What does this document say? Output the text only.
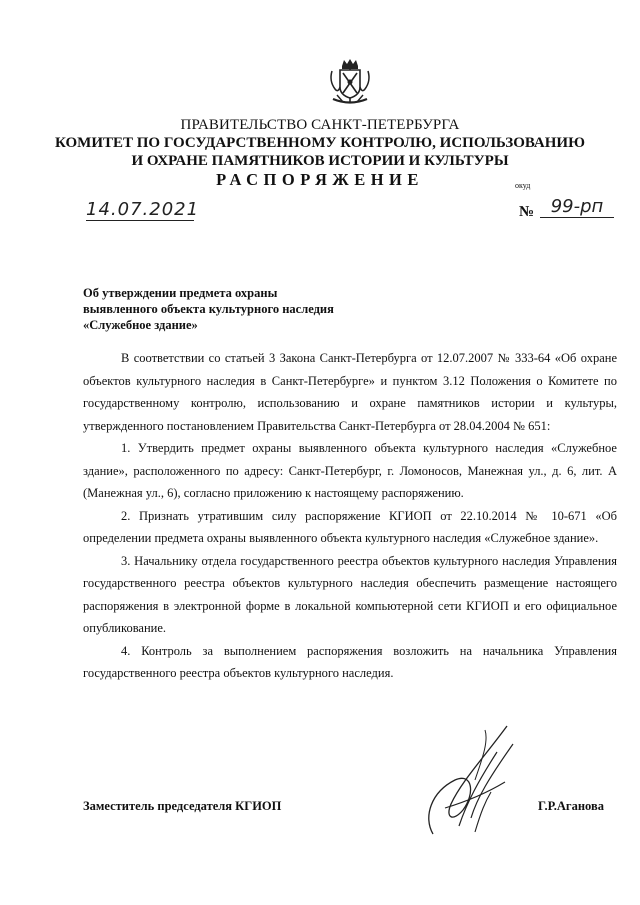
ПРАВИТЕЛЬСТВО САНКТ-ПЕТЕРБУРГА
КОМИТЕТ ПО ГОСУДАРСТВЕННОМУ КОНТРОЛЮ, ИСПОЛЬЗОВАНИЮ
И ОХРАНЕ ПАМЯТНИКОВ ИСТОРИИ И КУЛЬТУРЫ
РАСПОРЯЖЕНИЕ	окуд
14.07.2021	№ 99-рп
Об утверждении предмета охраны
выявленного объекта культурного наследия
«Служебное здание»

В соответствии со статьей 3 Закона Санкт-Петербурга от 12.07.2007 № 333-64 «Об охране объектов культурного наследия в Санкт-Петербурге» и пунктом 3.12 Положения о Комитете по государственному контролю, использованию и охране памятников истории и культуры, утвержденного постановлением Правительства Санкт-Петербурга от 28.04.2004 № 651:

1. Утвердить предмет охраны выявленного объекта культурного наследия «Служебное здание», расположенного по адресу: Санкт-Петербург, г. Ломоносов, Манежная ул., д. 6, лит. А (Манежная ул., 6), согласно приложению к настоящему распоряжению.

2. Признать утратившим силу распоряжение КГИОП от 22.10.2014 № 10-671 «Об определении предмета охраны выявленного объекта культурного наследия «Служебное здание».

3. Начальнику отдела государственного реестра объектов культурного наследия Управления государственного реестра объектов культурного наследия обеспечить размещение настоящего распоряжения в электронной форме в локальной компьютерной сети КГИОП и его официальное опубликование.

4. Контроль за выполнением распоряжения возложить на начальника Управления государственного реестра объектов культурного наследия.

Заместитель председателя КГИОП	Г.Р.Аганова
